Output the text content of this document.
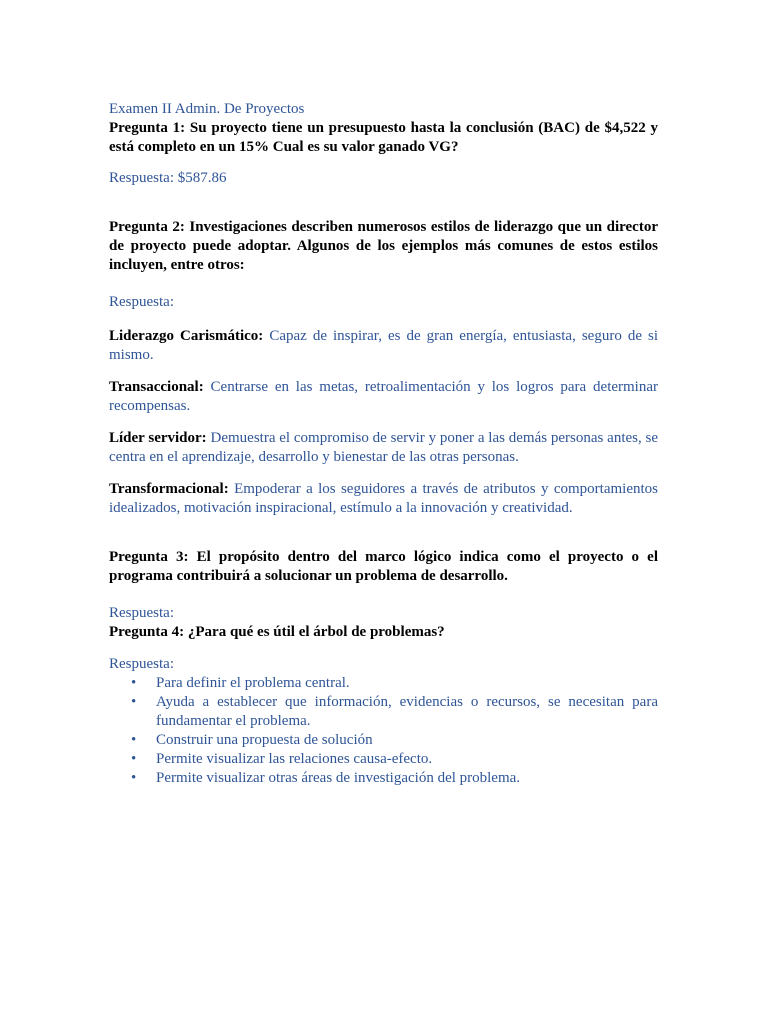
Examen II Admin. De Proyectos

Pregunta 1: Su proyecto tiene un presupuesto hasta la conclusión (BAC) de $4,522 y está completo en un 15% Cual es su valor ganado VG?

Respuesta: $587.86

Pregunta 2: Investigaciones describen numerosos estilos de liderazgo que un director de proyecto puede adoptar. Algunos de los ejemplos más comunes de estos estilos incluyen, entre otros:

Respuesta:

Liderazgo Carismático: Capaz de inspirar, es de gran energía, entusiasta, seguro de si mismo.

Transaccional: Centrarse en las metas, retroalimentación y los logros para determinar recompensas.

Líder servidor: Demuestra el compromiso de servir y poner a las demás personas antes, se centra en el aprendizaje, desarrollo y bienestar de las otras personas.

Transformacional: Empoderar a los seguidores a través de atributos y comportamientos idealizados, motivación inspiracional, estímulo a la innovación y creatividad.

Pregunta 3: El propósito dentro del marco lógico indica como el proyecto o el programa contribuirá a solucionar un problema de desarrollo.

Respuesta:

Pregunta 4: ¿Para qué es útil el árbol de problemas?

Respuesta:

• Para definir el problema central.
• Ayuda a establecer que información, evidencias o recursos, se necesitan para fundamentar el problema.
• Construir una propuesta de solución
• Permite visualizar las relaciones causa-efecto.
• Permite visualizar otras áreas de investigación del problema.
